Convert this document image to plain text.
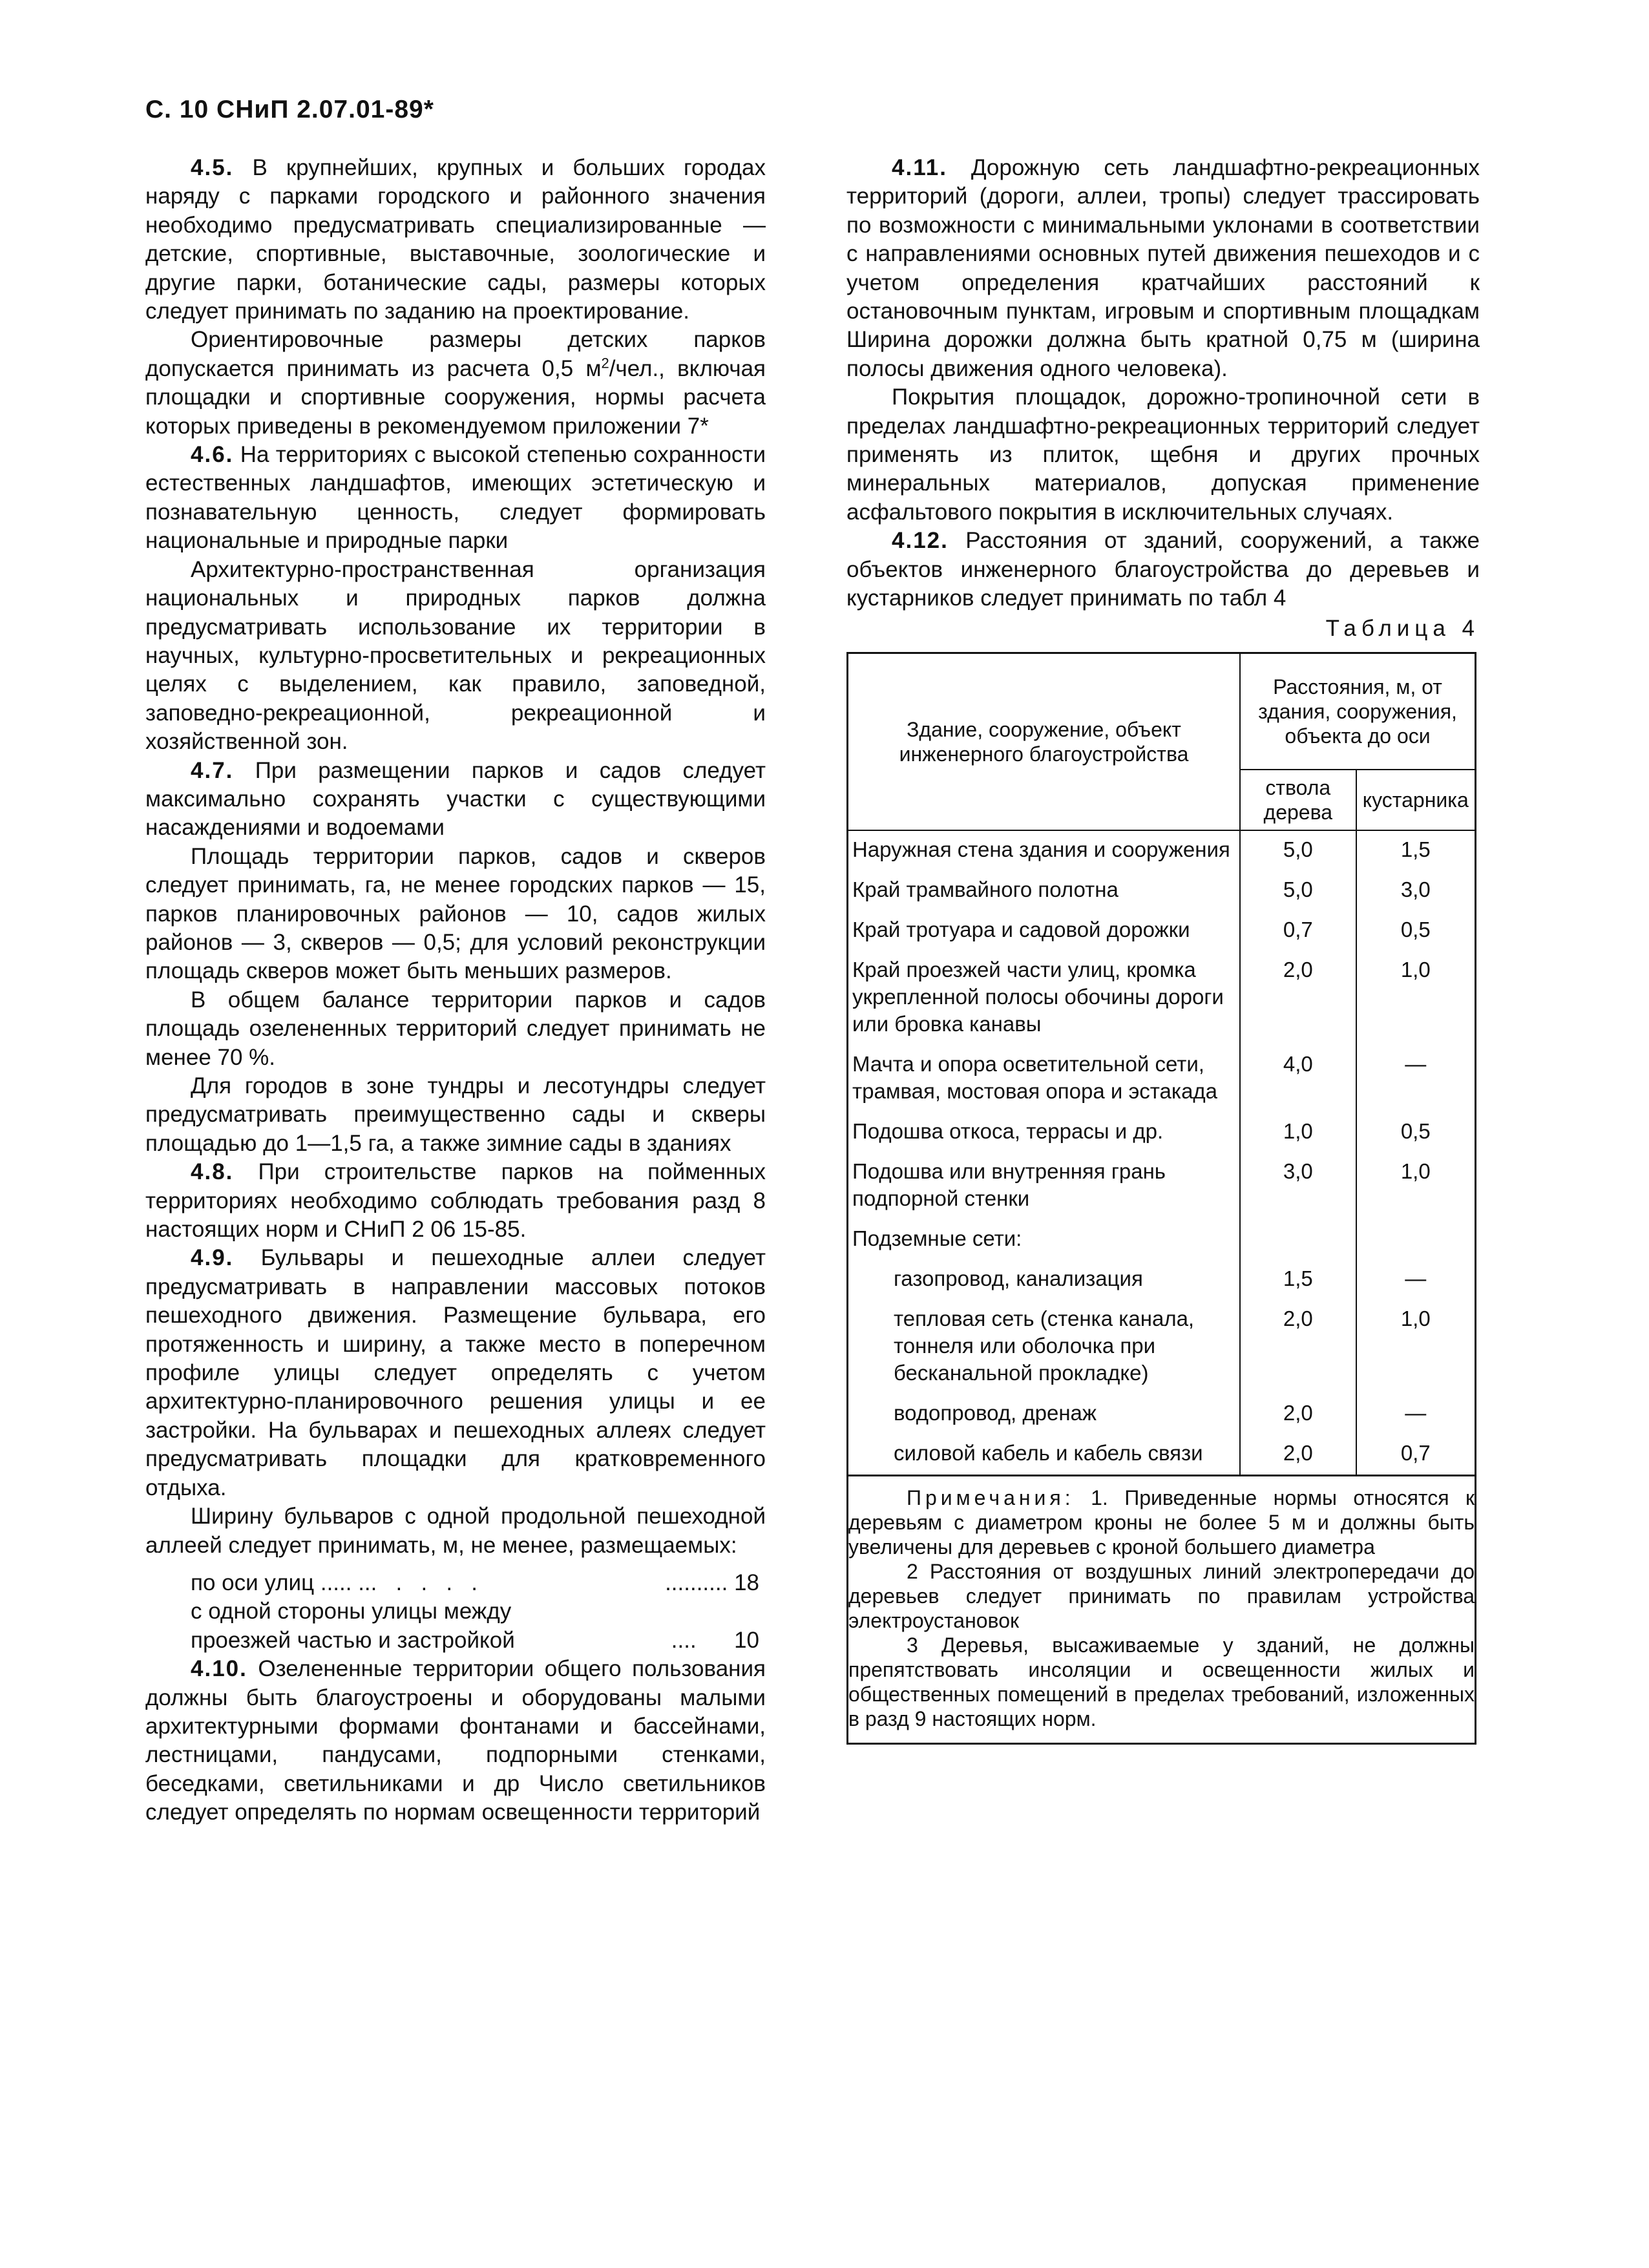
С. 10 СНиП 2.07.01-89*

4.5. В крупнейших, крупных и больших городах наряду с парками городского и районного значения необходимо предусматривать специализированные — детские, спортивные, выставочные, зоологические и другие парки, ботанические сады, размеры которых следует принимать по заданию на проектирование.

Ориентировочные размеры детских парков допускается принимать из расчета 0,5 $м^2$/чел., включая площадки и спортивные сооружения, нормы расчета которых приведены в рекомендуемом приложении 7*

4.6. На территориях с высокой степенью сохранности естественных ландшафтов, имеющих эстетическую и познавательную ценность, следует формировать национальные и природные парки

Архитектурно-пространственная организация национальных и природных парков должна предусматривать использование их территории в научных, культурно-просветительных и рекреационных целях с выделением, как правило, заповедной, заповедно-рекреационной, рекреационной и хозяйственной зон.

4.7. При размещении парков и садов следует максимально сохранять участки с существующими насаждениями и водоемами

Площадь территории парков, садов и скверов следует принимать, га, не менее городских парков — 15, парков планировочных районов — 10, садов жилых районов — 3, скверов — 0,5; для условий реконструкции площадь скверов может быть меньших размеров.

В общем балансе территории парков и садов площадь озелененных территорий следует принимать не менее 70 %.

Для городов в зоне тундры и лесотундры следует предусматривать преимущественно сады и скверы площадью до 1—1,5 га, а также зимние сады в зданиях

4.8. При строительстве парков на пойменных территориях необходимо соблюдать требования разд 8 настоящих норм и СНиП 2 06 15-85.

4.9. Бульвары и пешеходные аллеи следует предусматривать в направлении массовых потоков пешеходного движения. Размещение бульвара, его протяженность и ширину, а также место в поперечном профиле улицы следует определять с учетом архитектурно-планировочного решения улицы и ее застройки. На бульварах и пешеходных аллеях следует предусматривать площадки для кратковременного отдыха.

Ширину бульваров с одной продольной пешеходной аллеей следует принимать, м, не менее, размещаемых:

по оси улиц ..... ...   .   .   .   .	.......... 18
с одной стороны улицы между
проезжей частью и застройкой	.... 10

4.10. Озелененные территории общего пользования должны быть благоустроены и оборудованы малыми архитектурными формами фонтанами и бассейнами, лестницами, пандусами, подпорными стенками, беседками, светильниками и др Число светильников следует определять по нормам освещенности территорий

4.11. Дорожную сеть ландшафтно-рекреационных территорий (дороги, аллеи, тропы) следует трассировать по возможности с минимальными уклонами в соответствии с направлениями основных путей движения пешеходов и с учетом определения кратчайших расстояний к остановочным пунктам, игровым и спортивным площадкам Ширина дорожки должна быть кратной 0,75 м (ширина полосы движения одного человека).

Покрытия площадок, дорожно-тропиночной сети в пределах ландшафтно-рекреационных территорий следует применять из плиток, щебня и других прочных минеральных материалов, допуская применение асфальтового покрытия в исключительных случаях.

4.12. Расстояния от зданий, сооружений, а также объектов инженерного благоустройства до деревьев и кустарников следует принимать по табл 4

Таблица 4
Здание, сооружение, объект инженерного благоустройства	Расстояния, м, от здания, сооружения, объекта до оси	
	ствола дерева	кустарника
Наружная стена здания и сооружения	5,0	1,5
Край трамвайного полотна	5,0	3,0
Край тротуара и садовой дорожки	0,7	0,5
Край проезжей части улиц, кромка укрепленной полосы обочины дороги или бровка канавы	2,0	1,0
Мачта и опора осветительной сети, трамвая, мостовая опора и эстакада	4,0	—
Подошва откоса, террасы и др.	1,0	0,5
Подошва или внутренняя грань подпорной стенки	3,0	1,0
Подземные сети:		
газопровод, канализация	1,5	—
тепловая сеть (стенка канала, тоннеля или оболочка при бесканальной прокладке)	2,0	1,0
водопровод, дренаж	2,0	—
силовой кабель и кабель связи	2,0	0,7

Примечания: 1. Приведенные нормы относятся к деревьям с диаметром кроны не более 5 м и должны быть увеличены для деревьев с кроной большего диаметра

2 Расстояния от воздушных линий электропередачи до деревьев следует принимать по правилам устройства электроустановок

3 Деревья, высаживаемые у зданий, не должны препятствовать инсоляции и освещенности жилых и общественных помещений в пределах требований, изложенных в разд 9 настоящих норм.
